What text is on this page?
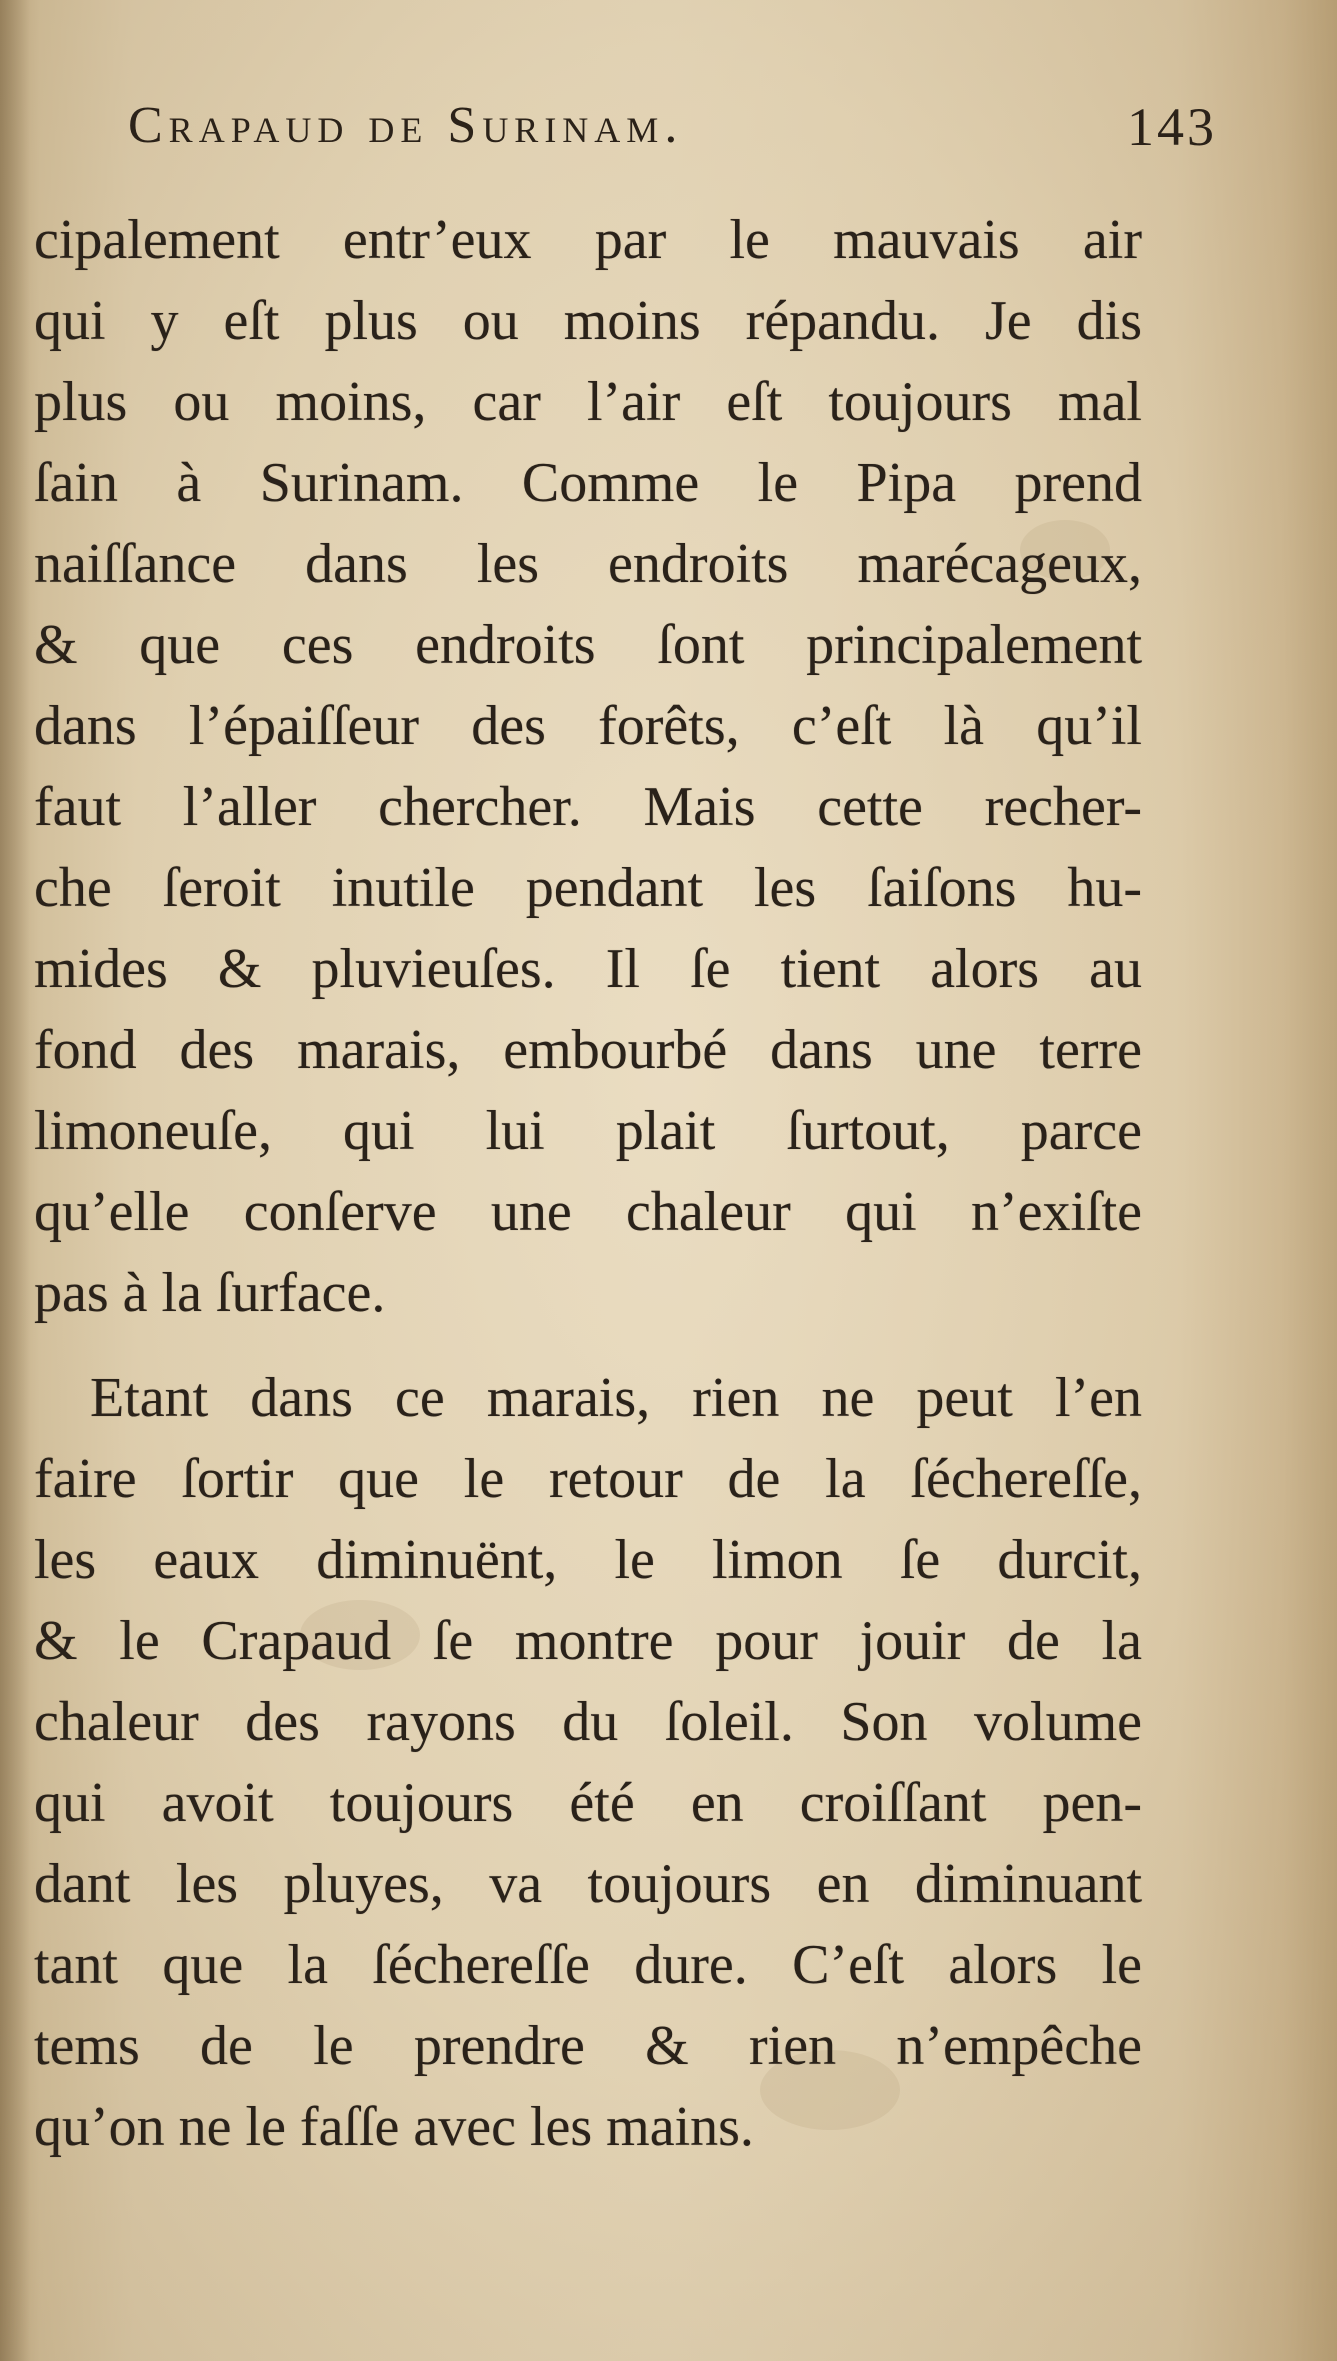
Crapaud de Surinam.	143

cipalement entr’eux par le mauvais air
qui y eſt plus ou moins répandu. Je dis
plus ou moins, car l’air eſt toujours mal
ſain à Surinam. Comme le Pipa prend
naiſſance dans les endroits marécageux,
& que ces endroits ſont principalement
dans l’épaiſſeur des forêts, c’eſt là qu’il
faut l’aller chercher. Mais cette recher-
che ſeroit inutile pendant les ſaiſons hu-
mides & pluvieuſes. Il ſe tient alors au
fond des marais, embourbé dans une terre
limoneuſe, qui lui plait ſurtout, parce
qu’elle conſerve une chaleur qui n’exiſte
pas à la ſurface.

Etant dans ce marais, rien ne peut l’en
faire ſortir que le retour de la ſéchereſſe,
les eaux diminuënt, le limon ſe durcit,
& le Crapaud ſe montre pour jouir de la
chaleur des rayons du ſoleil. Son volume
qui avoit toujours été en croiſſant pen-
dant les pluyes, va toujours en diminuant
tant que la ſéchereſſe dure. C’eſt alors le
tems de le prendre & rien n’empêche
qu’on ne le faſſe avec les mains.
